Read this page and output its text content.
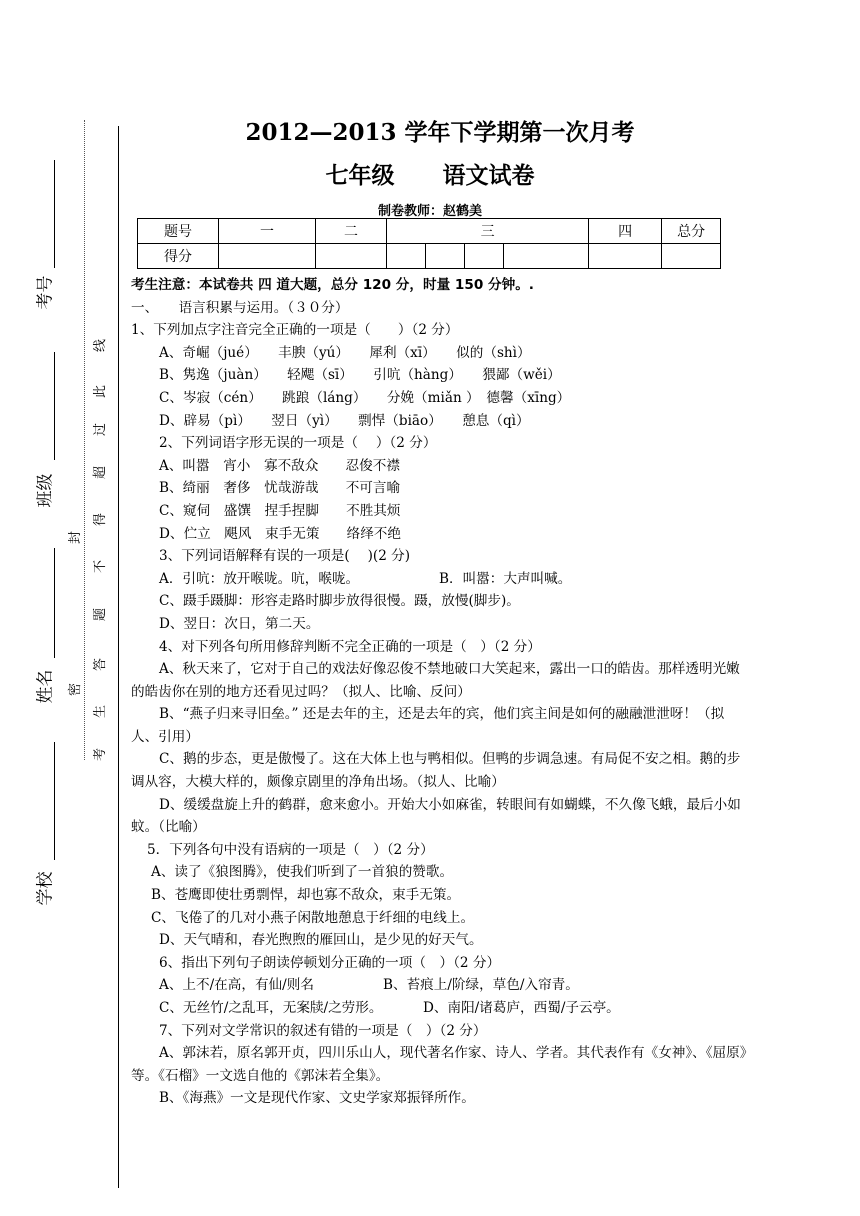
考号
班级
姓名
学校
线
此
过
超
得
不
题
答
生
考
封
密
2012—2013 学年下学期第一次月考
七年级 语文试卷
制卷教师：赵鹤美
题号	一	二	三				四	总分
得分								

考生注意：本试卷共 四 道大题，总分 120 分，时量 150 分钟。.

一、　　语言积累与运用。（３０分）

1、下列加点字注音完全正确的一项是（　　）（2 分）

A、奇崛（jué）　　丰腴（yú）　　犀利（xī）　　似的（shì）

B、隽逸（juàn）　　轻飔（sī）　　引吭（hàng）　　猥鄙（wěi）

C、岑寂（cén）　　跳踉（láng）　　分娩（miǎn ）　德馨（xīng）

D、辟易（pì）　　翌日（yì）　　剽悍（biāo）　　憩息（qì）

2、下列词语字形无误的一项是（　 ）（2 分）

A、叫嚣　宵小　寡不敌众　　忍俊不襟

B、绮丽　奢侈　忧哉游哉　　不可言喻

C、窥伺　盛馔　捏手捏脚　　不胜其烦

D、伫立　飓风　束手无策　　络绎不绝

3、下列词语解释有误的一项是(　 )(2 分)

A．引吭：放开喉咙。吭，喉咙。	B．叫嚣：大声叫喊。

C、蹑手蹑脚：形容走路时脚步放得很慢。蹑，放慢(脚步)。

D、翌日：次日，第二天。

4、对下列各句所用修辞判断不完全正确的一项是（　）（2 分）

A、秋天来了，它对于自己的戏法好像忍俊不禁地破口大笑起来，露出一口的皓齿。那样透明光嫩的皓齿你在别的地方还看见过吗？（拟人、比喻、反问）

B、“燕子归来寻旧垒。” 还是去年的主，还是去年的宾，他们宾主间是如何的融融泄泄呀！（拟人、引用）

C、鹅的步态，更是傲慢了。这在大体上也与鸭相似。但鸭的步调急速。有局促不安之相。鹅的步调从容，大模大样的，颇像京剧里的净角出场。（拟人、比喻）

D、缓缓盘旋上升的鹤群，愈来愈小。开始大小如麻雀，转眼间有如蝴蝶，不久像飞蛾，最后小如蚊。（比喻）

5．下列各句中没有语病的一项是（　）（2 分）

A、读了《狼图腾》，使我们听到了一首狼的赞歌。

B、苍鹰即使壮勇剽悍，却也寡不敌众，束手无策。

C、飞倦了的几对小燕子闲散地憩息于纤细的电线上。

D、天气晴和，春光煦煦的雁回山，是少见的好天气。

6、指出下列句子朗读停顿划分正确的一项（　）（2 分）

A、上不/在高，有仙/则名	B、苔痕上/阶绿，草色/入帘青。

C、无丝竹/之乱耳，无案牍/之劳形。	D、南阳/诸葛庐，西蜀/子云亭。

7、下列对文学常识的叙述有错的一项是（　）（2 分）

A、郭沫若，原名郭开贞，四川乐山人，现代著名作家、诗人、学者。其代表作有《女神》、《屈原》等。《石榴》一文选自他的《郭沫若全集》。

B、《海燕》一文是现代作家、文史学家郑振铎所作。
